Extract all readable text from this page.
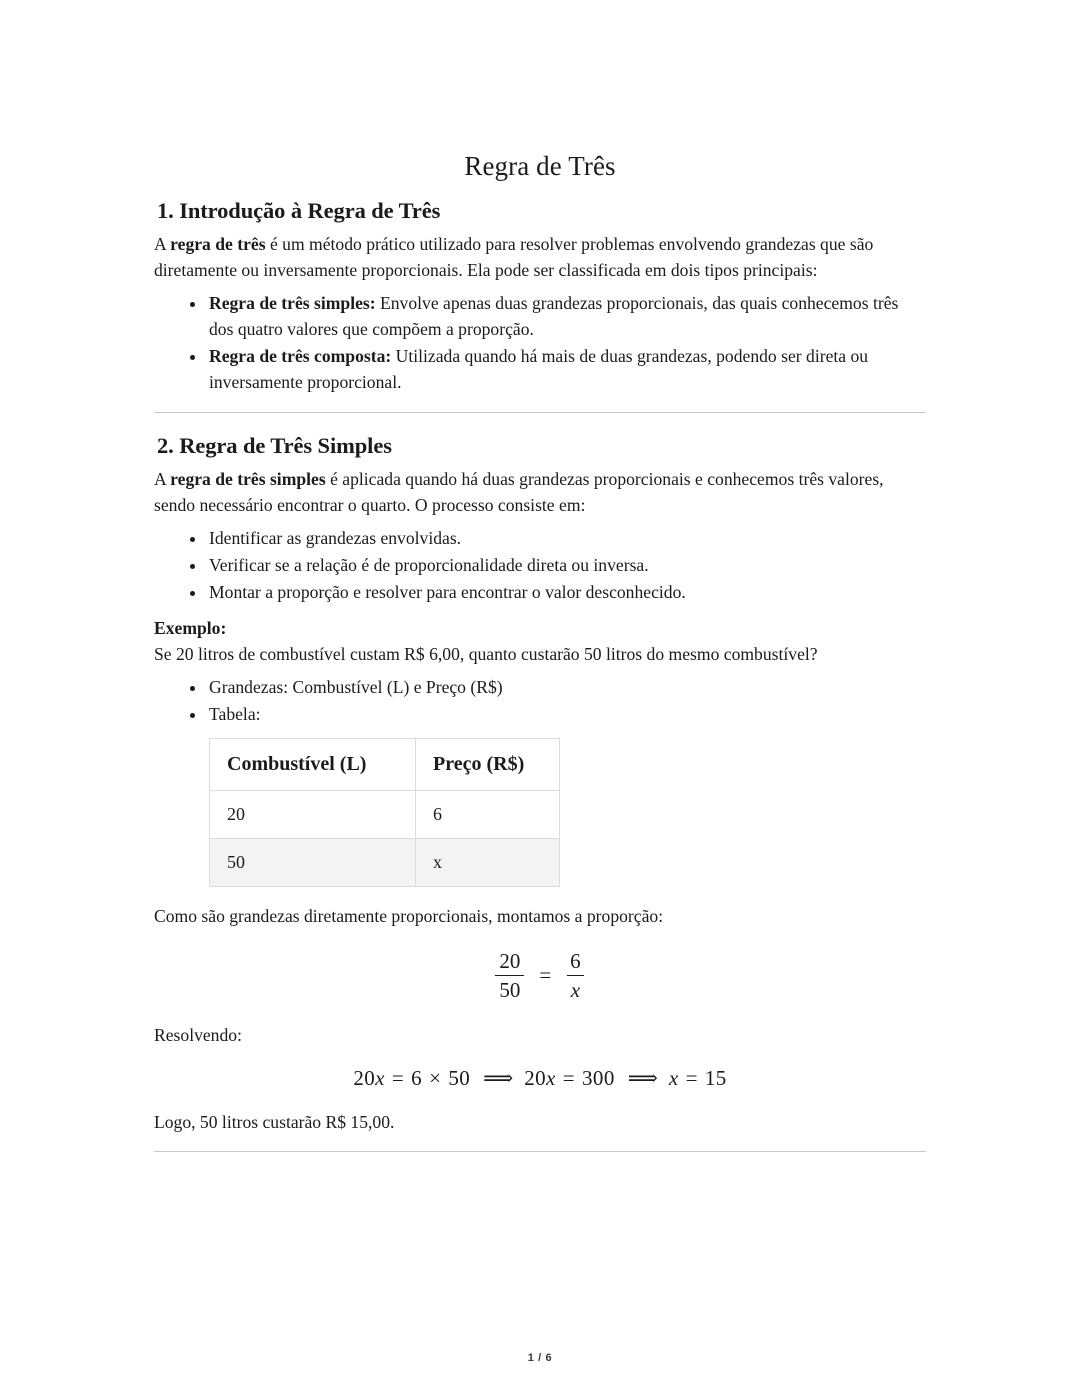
Regra de Três
1. Introdução à Regra de Três

A regra de três é um método prático utilizado para resolver problemas envolvendo grandezas que são diretamente ou inversamente proporcionais. Ela pode ser classificada em dois tipos principais:

Regra de três simples: Envolve apenas duas grandezas proporcionais, das quais conhecemos três dos quatro valores que compõem a proporção.
Regra de três composta: Utilizada quando há mais de duas grandezas, podendo ser direta ou inversamente proporcional.
2. Regra de Três Simples

A regra de três simples é aplicada quando há duas grandezas proporcionais e conhecemos três valores, sendo necessário encontrar o quarto. O processo consiste em:

Identificar as grandezas envolvidas.
Verificar se a relação é de proporcionalidade direta ou inversa.
Montar a proporção e resolver para encontrar o valor desconhecido.

Exemplo:

Se 20 litros de combustível custam R$ 6,00, quanto custarão 50 litros do mesmo combustível?

Grandezas: Combustível (L) e Preço (R$)
Tabela:
Combustível (L)	Preço (R$)
20	6
50	x

Como são grandezas diretamente proporcionais, montamos a proporção:

$\frac{20}{50} = \frac{6}{x}$

Resolvendo:

20x = 6 × 50 ⟹ 20x = 300 ⟹ x = 15

Logo, 50 litros custarão R$ 15,00.

1 / 6
